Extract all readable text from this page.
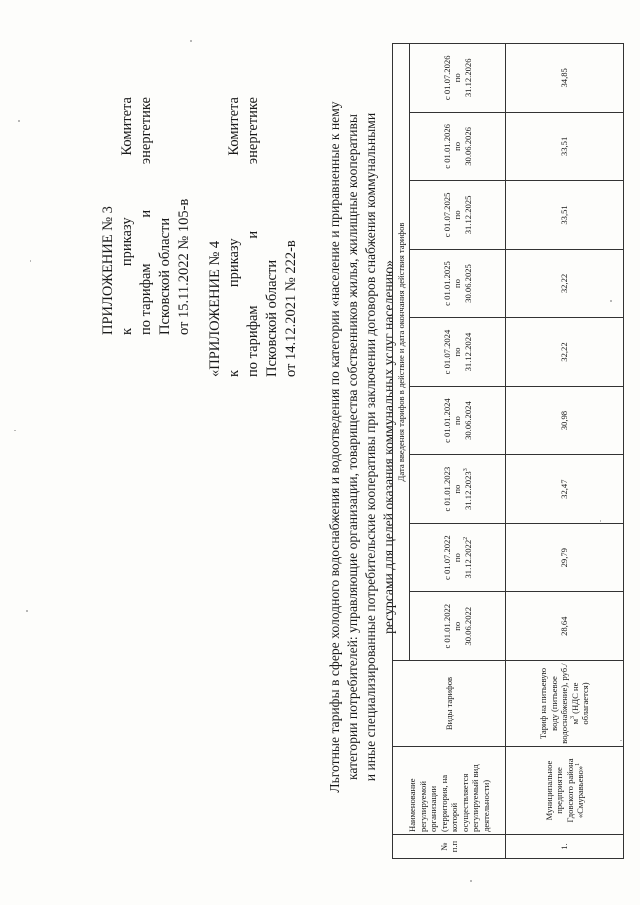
ПРИЛОЖЕНИЕ № 3 к
приказу
Комитета
по тарифам
и
энергетике
Псковской области от 15.11.2022 № 105-в «ПРИЛОЖЕНИЕ № 4 к
приказу
Комитета
по тарифам
и
энергетике
Псковской области от 14.12.2021 № 222-в Льготные тарифы в сфере холодного водоснабжения и водоотведения по категории «население и приравненные к нему категории потребителей: управляющие организации, товарищества собственников жилья, жилищные кооперативы и иные специализированные потребительские кооперативы при заключении договоров снабжения коммунальными ресурсами для целей оказания коммунальных услуг населению»
№ п.п	Наименование регулируемой организации (территория, на которой осуществляется регулируемый вид деятельности)	Виды тарифов	Дата введения тарифов в действие и дата окончания действия тарифов								
			с 01.01.2022
по
30.06.2022	с 01.07.2022
по
31.12.2022$^2$	с 01.01.2023
по
31.12.2023$^3$	с 01.01.2024
по
30.06.2024	с 01.07.2024
по
31.12.2024	с 01.01.2025
по
30.06.2025	с 01.07.2025
по
31.12.2025	с 01.01.2026
по
30.06.2026	с 01.07.2026
по
31.12.2026
1.	Муниципальное предприятие Гдовского района «Смуравьево»$^1$	Тариф на питьевую воду (питьевое водоснабжение), $руб./м^3$ (НДС не облагается)	28,64	29,79	32,47	30,98	32,22	32,22	33,51	33,51	34,85
